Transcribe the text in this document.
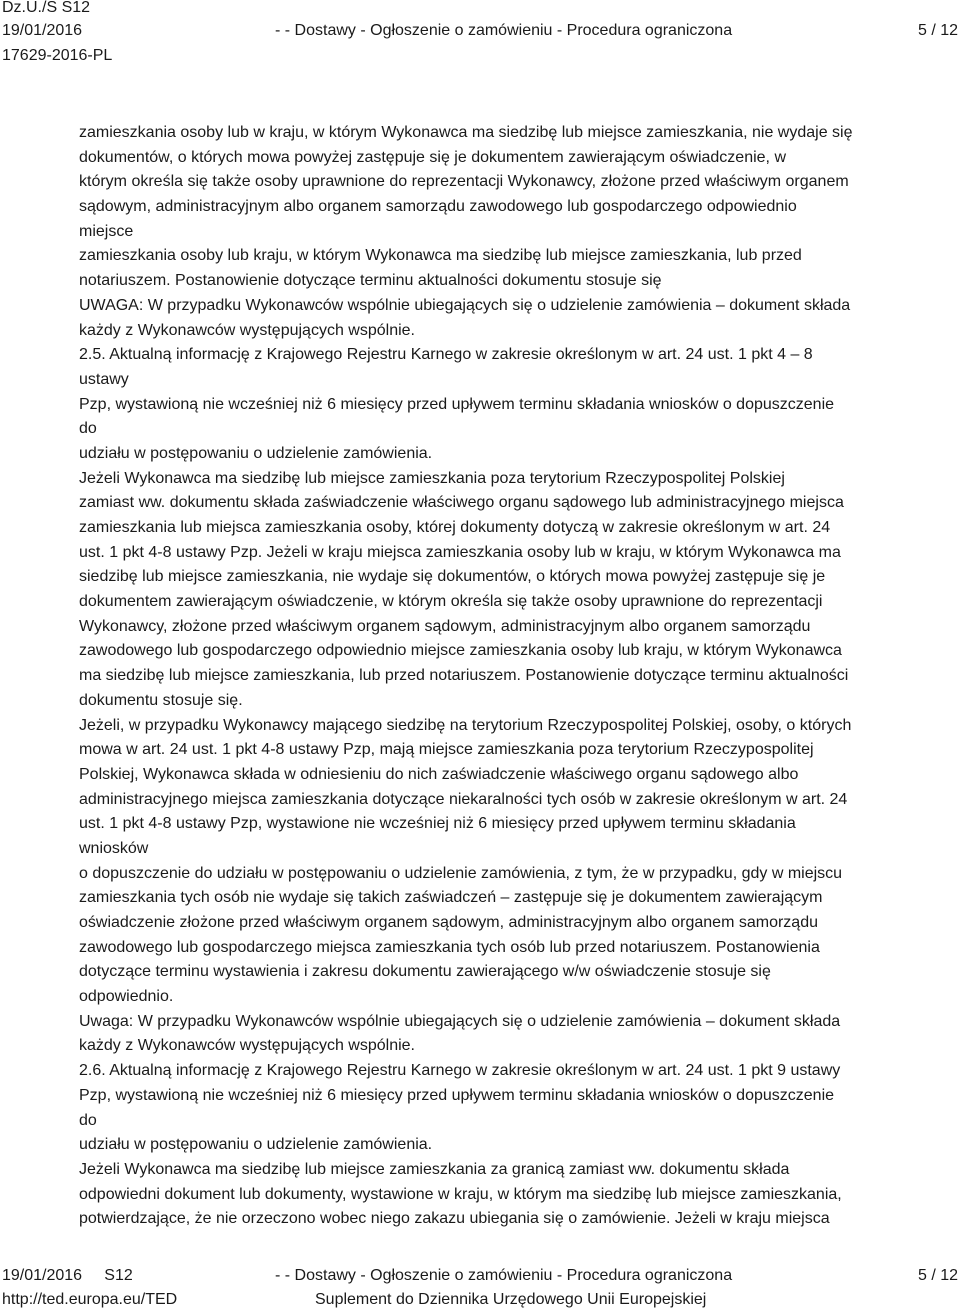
Dz.U./S S12
19/01/2016
17629-2016-PL
- - Dostawy - Ogłoszenie o zamówieniu - Procedura ograniczona	5 / 12
zamieszkania osoby lub w kraju, w którym Wykonawca ma siedzibę lub miejsce zamieszkania, nie wydaje się
dokumentów, o których mowa powyżej zastępuje się je dokumentem zawierającym oświadczenie, w
którym określa się także osoby uprawnione do reprezentacji Wykonawcy, złożone przed właściwym organem
sądowym, administracyjnym albo organem samorządu zawodowego lub gospodarczego odpowiednio
miejsce
zamieszkania osoby lub kraju, w którym Wykonawca ma siedzibę lub miejsce zamieszkania, lub przed
notariuszem. Postanowienie dotyczące terminu aktualności dokumentu stosuje się
UWAGA: W przypadku Wykonawców wspólnie ubiegających się o udzielenie zamówienia – dokument składa
każdy z Wykonawców występujących wspólnie.
2.5. Aktualną informację z Krajowego Rejestru Karnego w zakresie określonym w art. 24 ust. 1 pkt 4 – 8
ustawy
Pzp, wystawioną nie wcześniej niż 6 miesięcy przed upływem terminu składania wniosków o dopuszczenie
do
udziału w postępowaniu o udzielenie zamówienia.
Jeżeli Wykonawca ma siedzibę lub miejsce zamieszkania poza terytorium Rzeczypospolitej Polskiej
zamiast ww. dokumentu składa zaświadczenie właściwego organu sądowego lub administracyjnego miejsca
zamieszkania lub miejsca zamieszkania osoby, której dokumenty dotyczą w zakresie określonym w art. 24
ust. 1 pkt 4-8 ustawy Pzp. Jeżeli w kraju miejsca zamieszkania osoby lub w kraju, w którym Wykonawca ma
siedzibę lub miejsce zamieszkania, nie wydaje się dokumentów, o których mowa powyżej zastępuje się je
dokumentem zawierającym oświadczenie, w którym określa się także osoby uprawnione do reprezentacji
Wykonawcy, złożone przed właściwym organem sądowym, administracyjnym albo organem samorządu
zawodowego lub gospodarczego odpowiednio miejsce zamieszkania osoby lub kraju, w którym Wykonawca
ma siedzibę lub miejsce zamieszkania, lub przed notariuszem. Postanowienie dotyczące terminu aktualności
dokumentu stosuje się.
Jeżeli, w przypadku Wykonawcy mającego siedzibę na terytorium Rzeczypospolitej Polskiej, osoby, o których
mowa w art. 24 ust. 1 pkt 4-8 ustawy Pzp, mają miejsce zamieszkania poza terytorium Rzeczypospolitej
Polskiej, Wykonawca składa w odniesieniu do nich zaświadczenie właściwego organu sądowego albo
administracyjnego miejsca zamieszkania dotyczące niekaralności tych osób w zakresie określonym w art. 24
ust. 1 pkt 4-8 ustawy Pzp, wystawione nie wcześniej niż 6 miesięcy przed upływem terminu składania
wniosków
o dopuszczenie do udziału w postępowaniu o udzielenie zamówienia, z tym, że w przypadku, gdy w miejscu
zamieszkania tych osób nie wydaje się takich zaświadczeń – zastępuje się je dokumentem zawierającym
oświadczenie złożone przed właściwym organem sądowym, administracyjnym albo organem samorządu
zawodowego lub gospodarczego miejsca zamieszkania tych osób lub przed notariuszem. Postanowienia
dotyczące terminu wystawienia i zakresu dokumentu zawierającego w/w oświadczenie stosuje się
odpowiednio.
Uwaga: W przypadku Wykonawców wspólnie ubiegających się o udzielenie zamówienia – dokument składa
każdy z Wykonawców występujących wspólnie.
2.6. Aktualną informację z Krajowego Rejestru Karnego w zakresie określonym w art. 24 ust. 1 pkt 9 ustawy
Pzp, wystawioną nie wcześniej niż 6 miesięcy przed upływem terminu składania wniosków o dopuszczenie
do
udziału w postępowaniu o udzielenie zamówienia.
Jeżeli Wykonawca ma siedzibę lub miejsce zamieszkania za granicą zamiast ww. dokumentu składa
odpowiedni dokument lub dokumenty, wystawione w kraju, w którym ma siedzibę lub miejsce zamieszkania,
potwierdzające, że nie orzeczono wobec niego zakazu ubiegania się o zamówienie. Jeżeli w kraju miejsca
19/01/2016     S12
http://ted.europa.eu/TED
- - Dostawy - Ogłoszenie o zamówieniu - Procedura ograniczona
Suplement do Dziennika Urzędowego Unii Europejskiej
5 / 12
